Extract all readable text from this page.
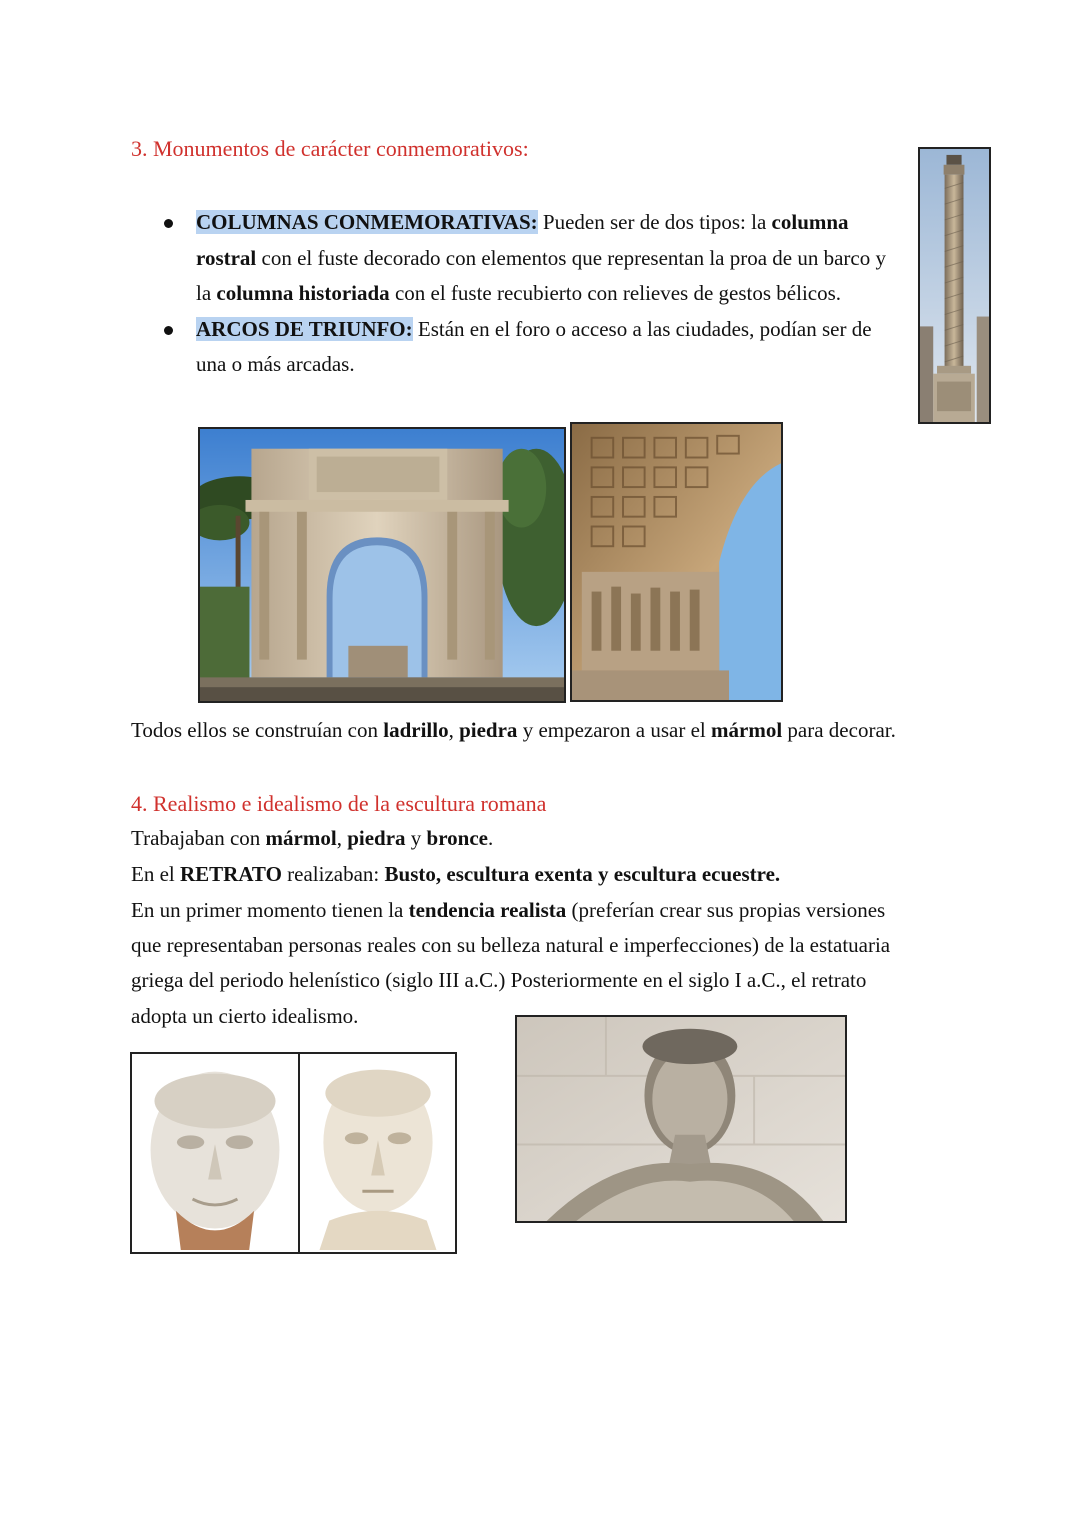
3. Monumentos de carácter conmemorativos:
COLUMNAS CONMEMORATIVAS: Pueden ser de dos tipos: la columna rostral con el fuste decorado con elementos que representan la proa de un barco y la columna historiada con el fuste recubierto con relieves de gestos bélicos.
ARCOS DE TRIUNFO: Están en el foro o acceso a las ciudades, podían ser de una o más arcadas.
Todos ellos se construían con ladrillo, piedra y empezaron a usar el mármol para decorar.
4. Realismo e idealismo de la escultura romana
Trabajaban con mármol, piedra y bronce.
En el RETRATO realizaban: Busto, escultura exenta y escultura ecuestre.
En un primer momento tienen la tendencia realista (preferían crear sus propias versiones
que representaban personas reales con su belleza natural e imperfecciones) de la estatuaria
griega del periodo helenístico (siglo III a.C.) Posteriormente en el siglo I a.C., el retrato
adopta un cierto idealismo.
